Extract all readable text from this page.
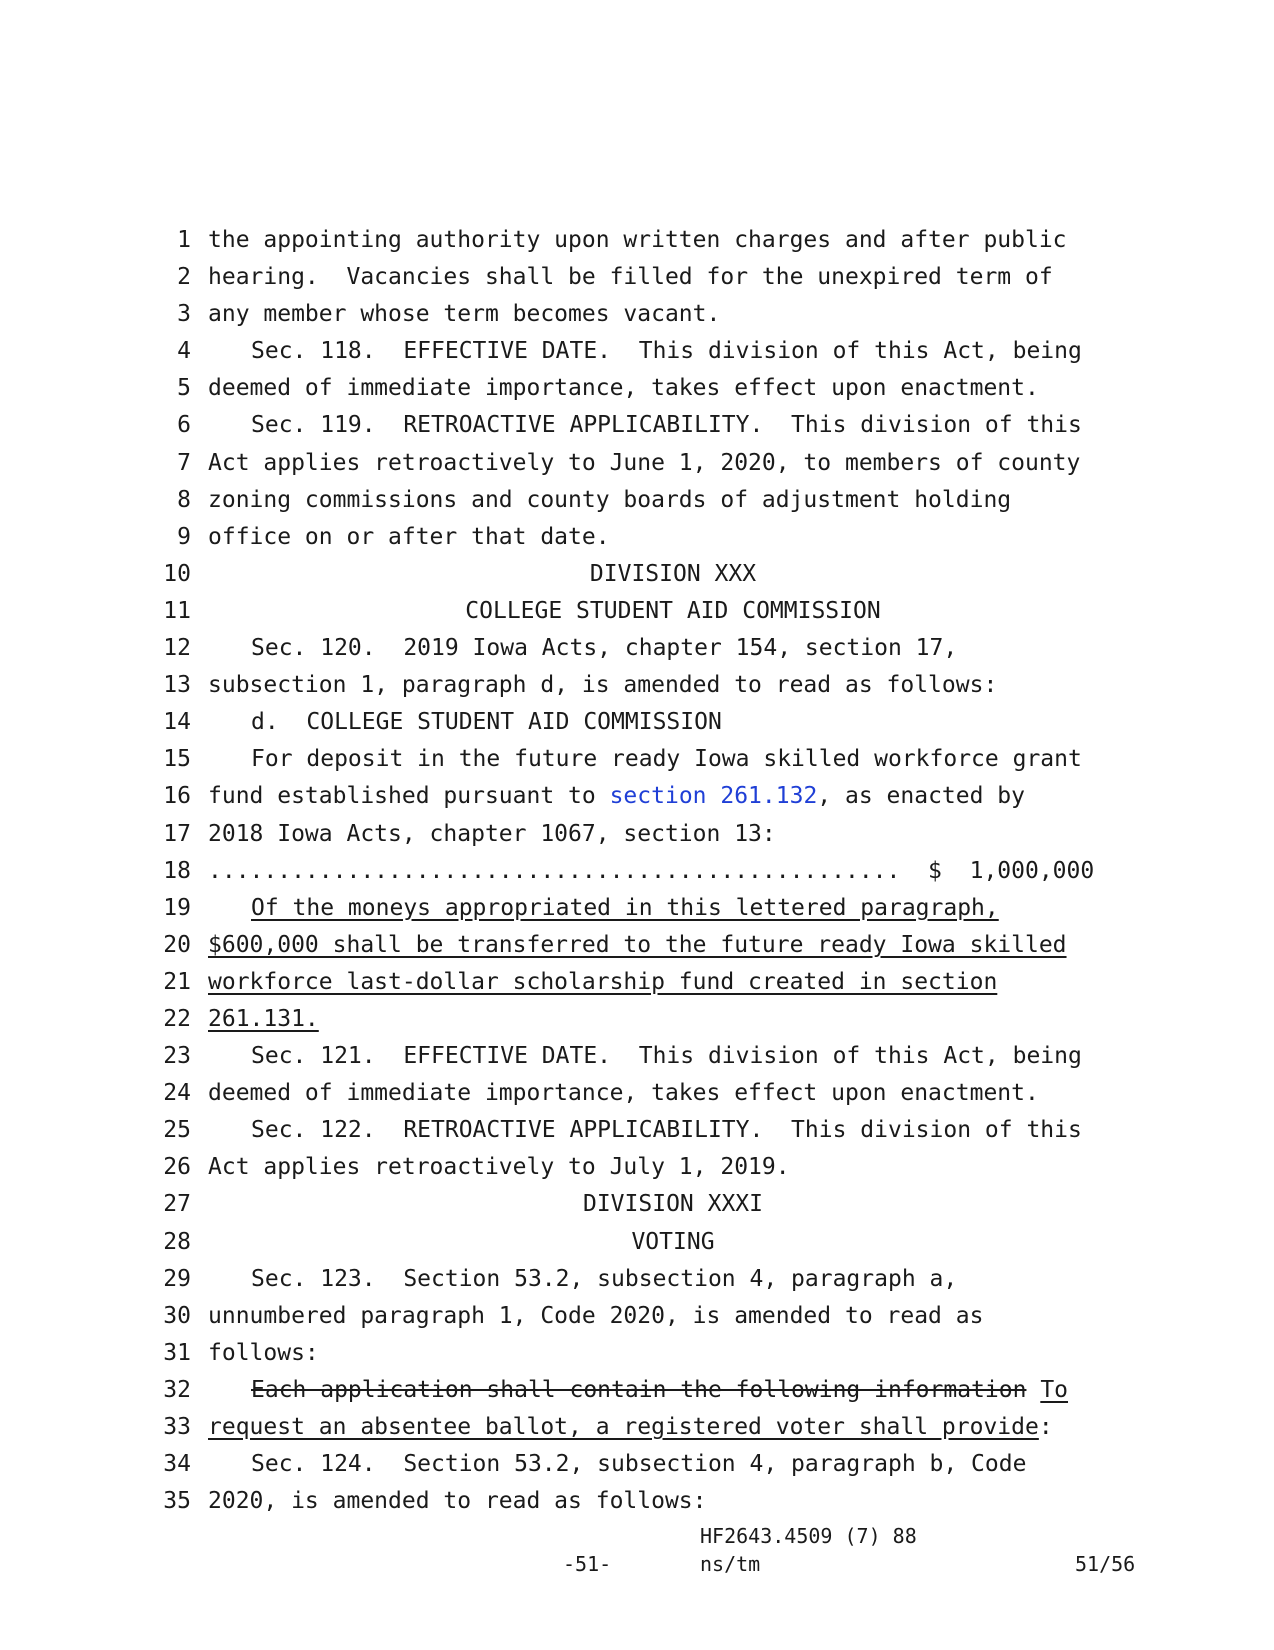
1

the appointing authority upon written charges and after public

2

hearing.  Vacancies shall be filled for the unexpired term of

3

any member whose term becomes vacant.

4

	Sec. 118.  EFFECTIVE DATE.  This division of this Act, being

5

deemed of immediate importance, takes effect upon enactment.

6

	Sec. 119.  RETROACTIVE APPLICABILITY.  This division of this

7

Act applies retroactively to June 1, 2020, to members of county

8

zoning commissions and county boards of adjustment holding

9

office on or after that date.

10

	DIVISION XXX

11

	COLLEGE STUDENT AID COMMISSION

12

	Sec. 120.  2019 Iowa Acts, chapter 154, section 17,

13

subsection 1, paragraph d, is amended to read as follows:

14

	d.  COLLEGE STUDENT AID COMMISSION

15

	For deposit in the future ready Iowa skilled workforce grant

16

fund established pursuant to section 261.132, as enacted by

17

2018 Iowa Acts, chapter 1067, section 13:

18

..................................................  $  1,000,000

19

	Of the moneys appropriated in this lettered paragraph,

20

$600,000 shall be transferred to the future ready Iowa skilled

21

workforce last-dollar scholarship fund created in section

22

261.131.

23

	Sec. 121.  EFFECTIVE DATE.  This division of this Act, being

24

deemed of immediate importance, takes effect upon enactment.

25

	Sec. 122.  RETROACTIVE APPLICABILITY.  This division of this

26

Act applies retroactively to July 1, 2019.

27

	DIVISION XXXI

28

	VOTING

29

	Sec. 123.  Section 53.2, subsection 4, paragraph a,

30

unnumbered paragraph 1, Code 2020, is amended to read as

31

follows:

32

	Each application shall contain the following information To

33

request an absentee ballot, a registered voter shall provide:

34

	Sec. 124.  Section 53.2, subsection 4, paragraph b, Code

35

2020, is amended to read as follows:

HF2643.4509 (7) 88
-51-	ns/tm	51/56
